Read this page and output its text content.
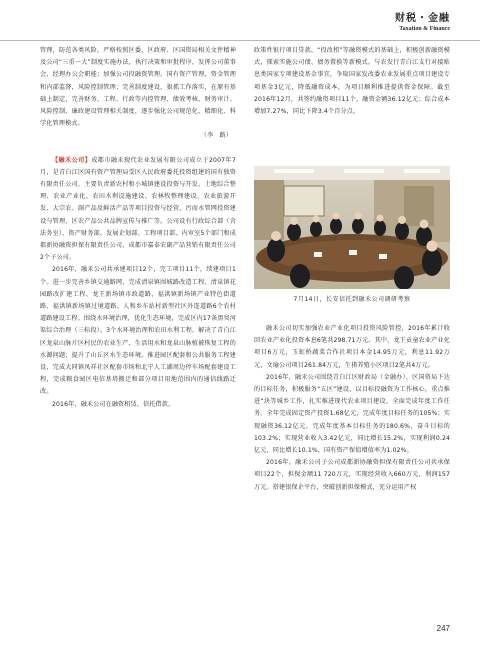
财税・金融
Taxation & Finance

管理，防范各类风险。严格按照区委、区政府、区国资局相关文件精神及公司“三重一大”制度实施办法，执行决策和审批程序，发挥公司董事会、经理办公会职能；加强公司投融资管理、国有资产管理、资金管理和内部监督，风险控制管理；完善制度建设，狠抓工作落实，在原有基础上制定、完善财务、工程、行政等内控管理、绩效考核、财务审计、风险控制、廉政建设管理相关制度，逐步强化公司规范化、精细化、科学化管理模式。

（李　路）

【融禾公司】成都市融禾现代农业发展有限公司成立于2007年7月，是青白江区国有资产管理局受区人民政府委托投资组建的国有独资有限责任公司，主要负责新农村和小城镇建设投资与开发、土地综合整理、农业产业化、农田水利设施建设、农林牧整理建设、农业旅游开发、大宗农、副产品及鲜活产品等项目投资与经营，污而水管网投资建设与管理，区农产品公共品牌宣传与推广等。公司设有行政综合部（含法务室）、资产财务部、发展企划部、工程项目部、内审室5个部门和成都新协融资担保有限责任公司、成都市嘉泰农副产品营销有限责任公司2个子公司。

2016年，融禾公司共承建项目12个，完工项目11个，续建项目1个。进一步完善乡镇交通路网，完成清泉镇围城路改造工程、清泉镇花园路改扩建工程、龙王新场镇市政道路、福洪镇新场镇产业特色街道路、福洪镇新场镇过境道路、人和乡车站村新型社区外连道路6个农村道路建设工程。围绕水环境治理，优化生态环境，完成区内17条黑臭河渠综合治理（三标段）、3个水环境治理和农田水利工程，解决了青白江区龙泉山脉片区村民的农业生产、生活用水和龙泉山脉植被恢复工程的水源问题；提升了山丘区水生态环境。推进园区配套和公共服务工程建设，完成大同镇凤祥社区配套市场和北宁人工湖周边停车场配套建设工程，完成粮食园区电信基塔搬迁和部分项目用地范围内的通信线路迁改。

2016年，融禾公司在融资租赁、信托借款、

政策性银行项目贷款、“投改租”等融资模式的基础上，积极创新融资模式，探索实施公司债、债务置换等新模式。与农发行青白江支行对接贴息类国家专项建设基金事宜，争取国家发改委农业发展重点项目建设专项基金3亿元，降低融资成本，为项目顺利推进提供资金保障。截至2016年12月，共签约融资项目11个，融资金额36.12亿元；综合成本增加7.27%，同比下降3.4个百分点。

7月14日，长安信托到融禾公司调研考察

融禾公司切实加强农业产业化项目投资风险管控，2016年累计收回农业产业化投资本息6笔共298.71万元。其中，龙王贡童农业产业化项目6万元，玉虹桥蔬菜合作社项目本金14.95万元，利息11.92万元，文瑜公司项目261.84万元，生猪养殖小区项目2笔共4万元。

2016年，融禾公司围绕青白江区财政局（金融办）、区国资局下达的目标任务，积极服务“五区”建设，以目标投融资为工作核心，重点推进“块等城乡工作，扎实推进现代农业项目建设，全面完成年度工作任务。全年完成固定资产投资1.68亿元，完成年度目标任务的105%；实现融资36.12亿元，完成年度基本目标任务的180.6%，奋斗目标的103.2%；实现营业收入3.42亿元，同比增长15.2%，实现利润0.24亿元，同比增长10.1%，国有资产保值增值率为1.02%。

2016年，融禾公司子公司成都新协融资担保有限责任公司共承保项目22个，担保金额11 720万元，实现经营收入660万元，利润157万元。搭建银保企平台，突破创新担保模式，充分运用产权

247
